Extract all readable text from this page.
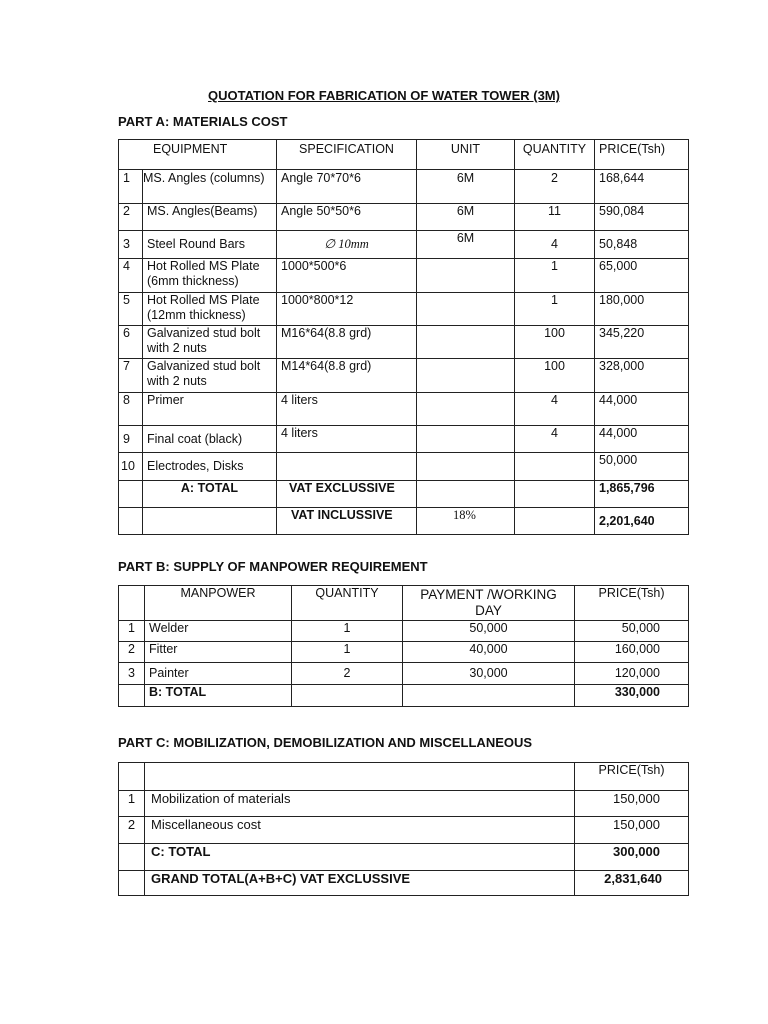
QUOTATION FOR FABRICATION OF WATER TOWER (3M)
PART A: MATERIALS COST
EQUIPMENT		SPECIFICATION	UNIT	QUANTITY	PRICE(Tsh)
1	MS. Angles (columns)	Angle 70*70*6	6M	2	168,644
2	MS. Angles(Beams)	Angle 50*50*6	6M	11	590,084
3	Steel Round Bars	∅ 10mm	6M	4	50,848
4	Hot Rolled MS Plate (6mm thickness)	1000*500*6		1	65,000
5	Hot Rolled MS Plate (12mm thickness)	1000*800*12		1	180,000
6	Galvanized stud bolt with 2 nuts	M16*64(8.8 grd)		100	345,220
7	Galvanized stud bolt with 2 nuts	M14*64(8.8 grd)		100	328,000
8	Primer	4 liters		4	44,000
9	Final coat (black)	4 liters		4	44,000
10	Electrodes, Disks				50,000
	A: TOTAL	VAT EXCLUSSIVE			1,865,796
		VAT INCLUSSIVE	18%		2,201,640
PART B: SUPPLY OF MANPOWER REQUIREMENT
	MANPOWER	QUANTITY	PAYMENT /WORKING DAY	PRICE(Tsh)
1	Welder	1	50,000	50,000
2	Fitter	1	40,000	160,000
3	Painter	2	30,000	120,000
	B: TOTAL			330,000
PART C: MOBILIZATION, DEMOBILIZATION AND MISCELLANEOUS
		PRICE(Tsh)
1	Mobilization of materials	150,000
2	Miscellaneous cost	150,000
	C: TOTAL	300,000
	GRAND TOTAL(A+B+C) VAT EXCLUSSIVE	2,831,640
